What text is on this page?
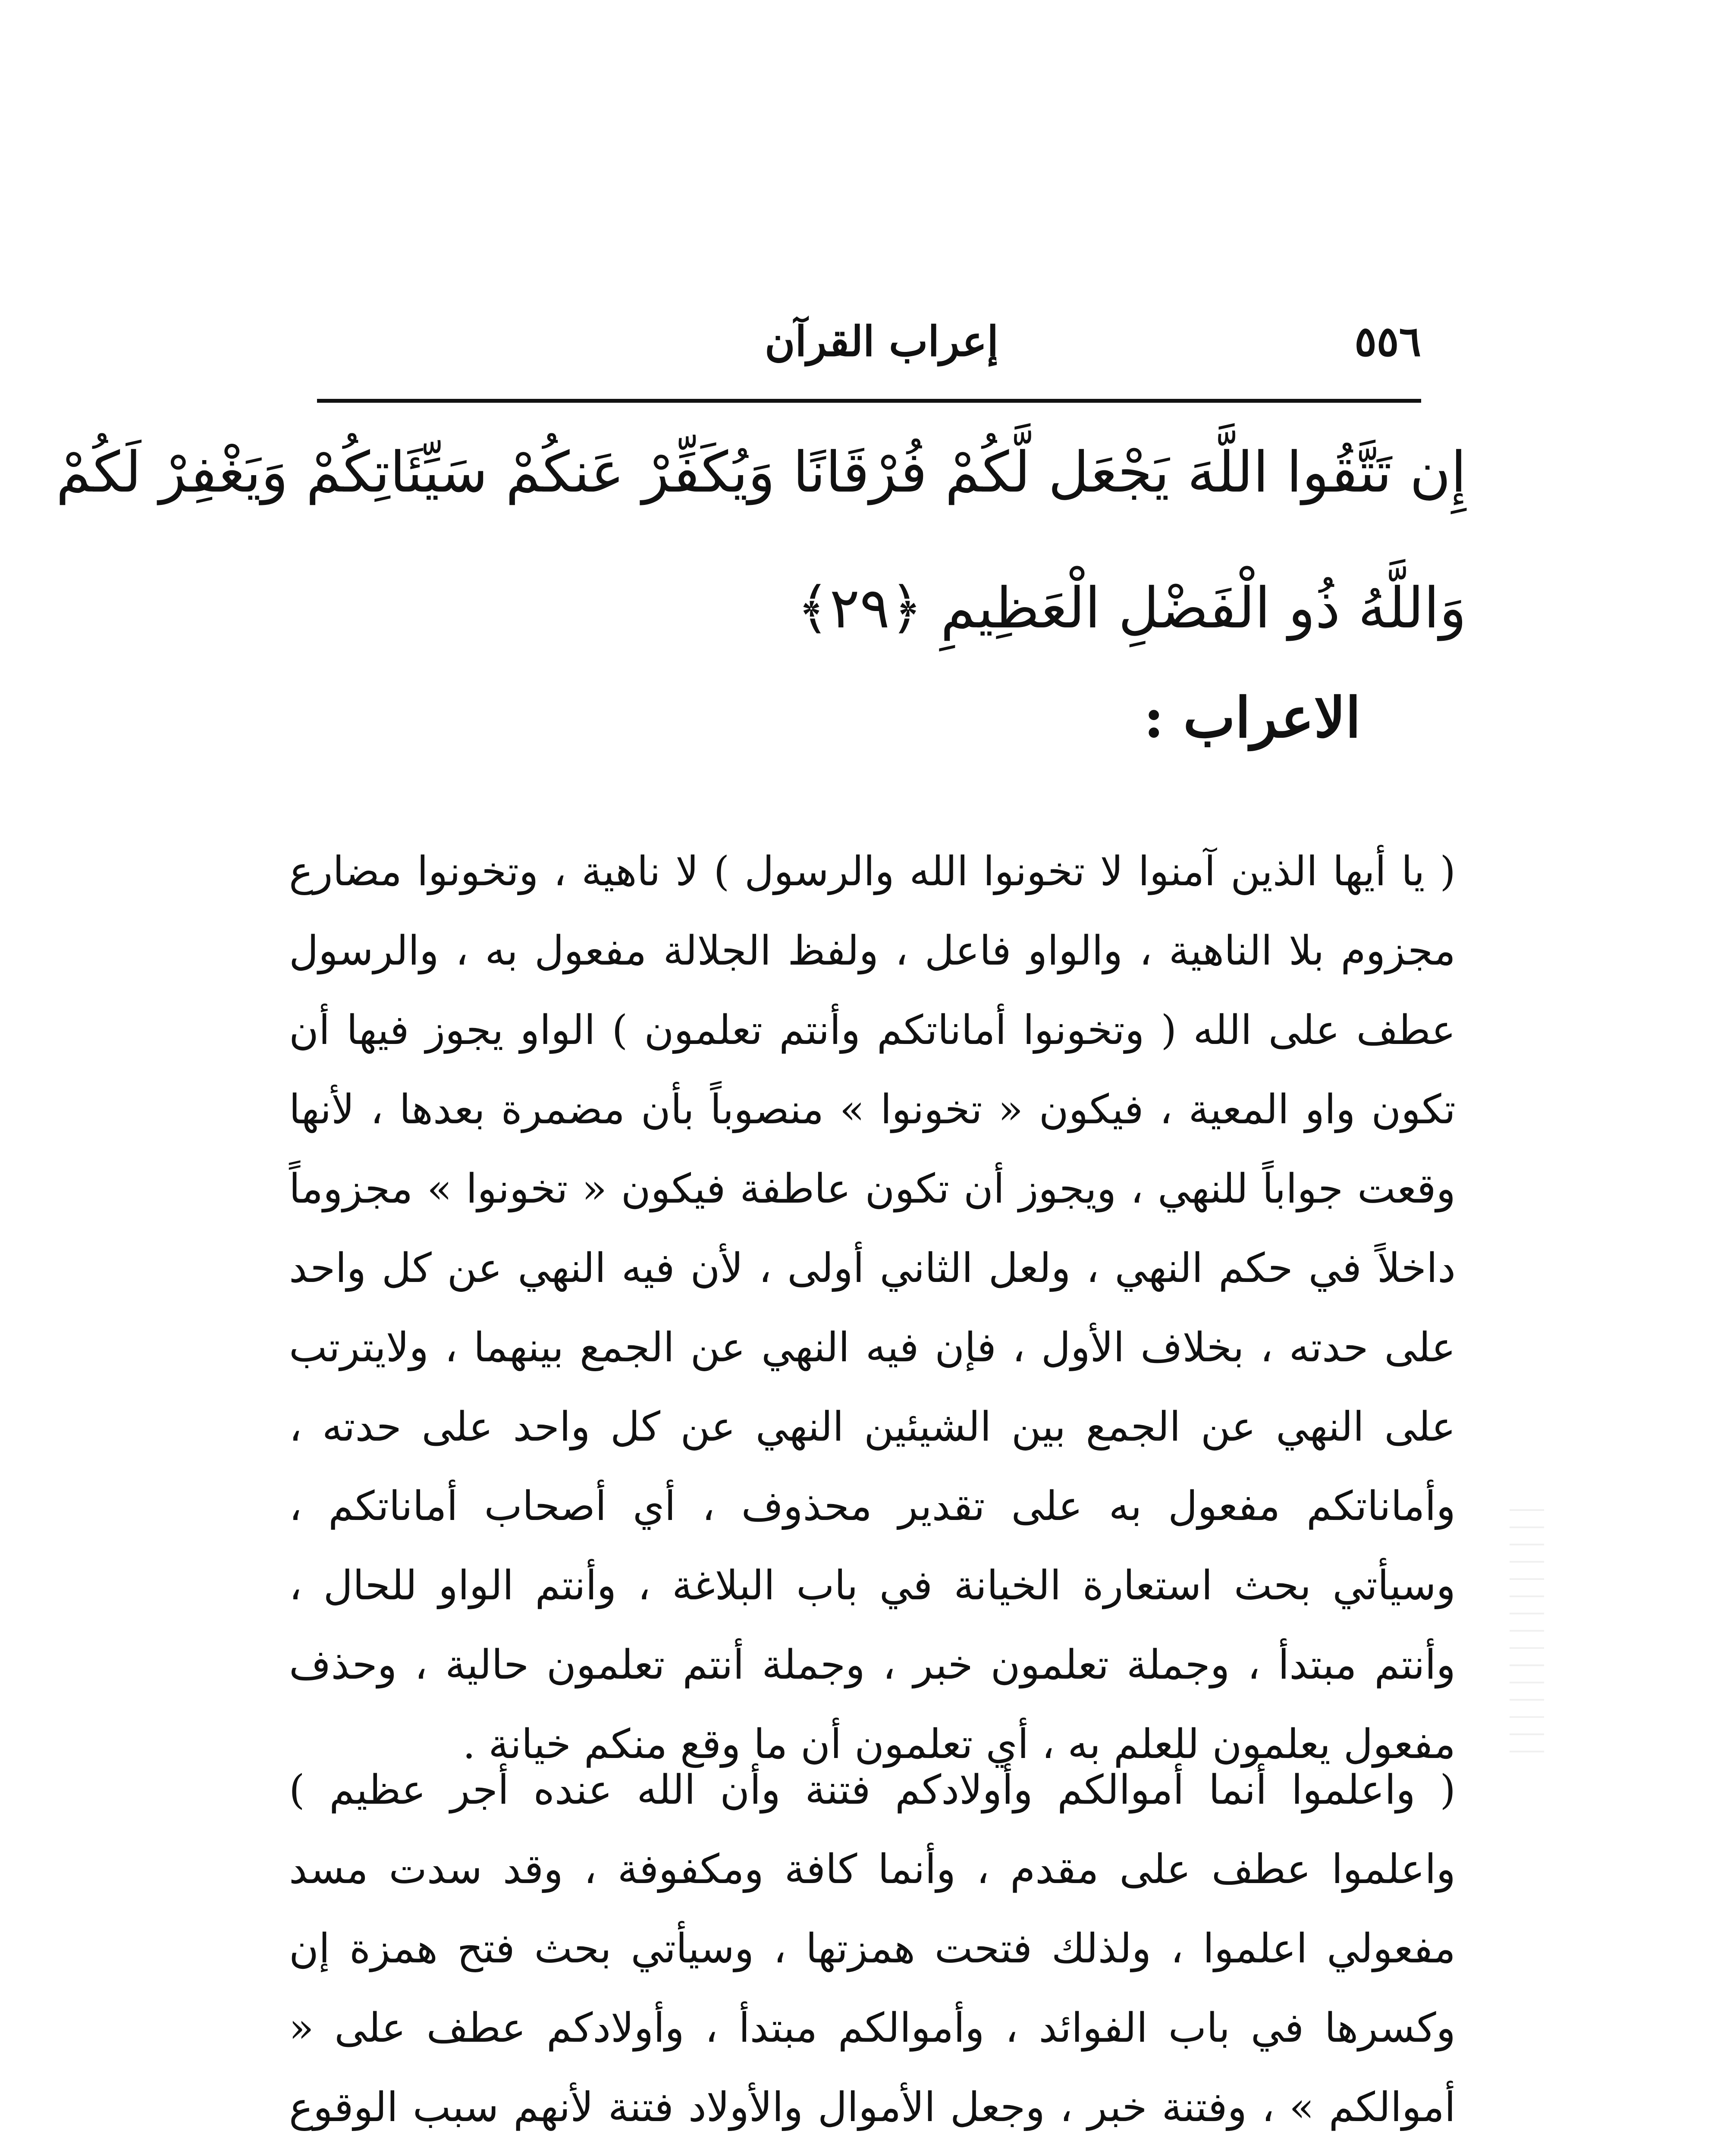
٥٥٦
إعراب القرآن
إِن تَتَّقُوا اللَّهَ يَجْعَل لَّكُمْ فُرْقَانًا وَيُكَفِّرْ عَنكُمْ سَيِّئَاتِكُمْ وَيَغْفِرْ لَكُمْ
وَاللَّهُ ذُو الْفَضْلِ الْعَظِيمِ ﴿٢٩﴾
الاعراب :

( يا أيها الذين آمنوا لا تخونوا الله والرسول ) لا ناهية ، وتخونوا مضارع مجزوم بلا الناهية ، والواو فاعل ، ولفظ الجلالة مفعول به ، والرسول عطف على الله ( وتخونوا أماناتكم وأنتم تعلمون ) الواو يجوز فيها أن تكون واو المعية ، فيكون « تخونوا » منصوباً بأن مضمرة بعدها ، لأنها وقعت جواباً للنهي ، ويجوز أن تكون عاطفة فيكون « تخونوا » مجزوماً داخلاً في حكم النهي ، ولعل الثاني أولى ، لأن فيه النهي عن كل واحد على حدته ، بخلاف الأول ، فإن فيه النهي عن الجمع بينهما ، ولايترتب على النهي عن الجمع بين الشيئين النهي عن كل واحد على حدته ، وأماناتكم مفعول به على تقدير محذوف ، أي أصحاب أماناتكم ، وسيأتي بحث استعارة الخيانة في باب البلاغة ، وأنتم الواو للحال ، وأنتم مبتدأ ، وجملة تعلمون خبر ، وجملة أنتم تعلمون حالية ، وحذف مفعول يعلمون للعلم به ، أي تعلمون أن ما وقع منكم خيانة .

( واعلموا أنما أموالكم وأولادكم فتنة وأن الله عنده أجر عظيم ) واعلموا عطف على مقدم ، وأنما كافة ومكفوفة ، وقد سدت مسد مفعولي اعلموا ، ولذلك فتحت همزتها ، وسيأتي بحث فتح همزة إن وكسرها في باب الفوائد ، وأموالكم مبتدأ ، وأولادكم عطف على « أموالكم » ، وفتنة خبر ، وجعل الأموال والأولاد فتنة لأنهم سبب الوقوع
